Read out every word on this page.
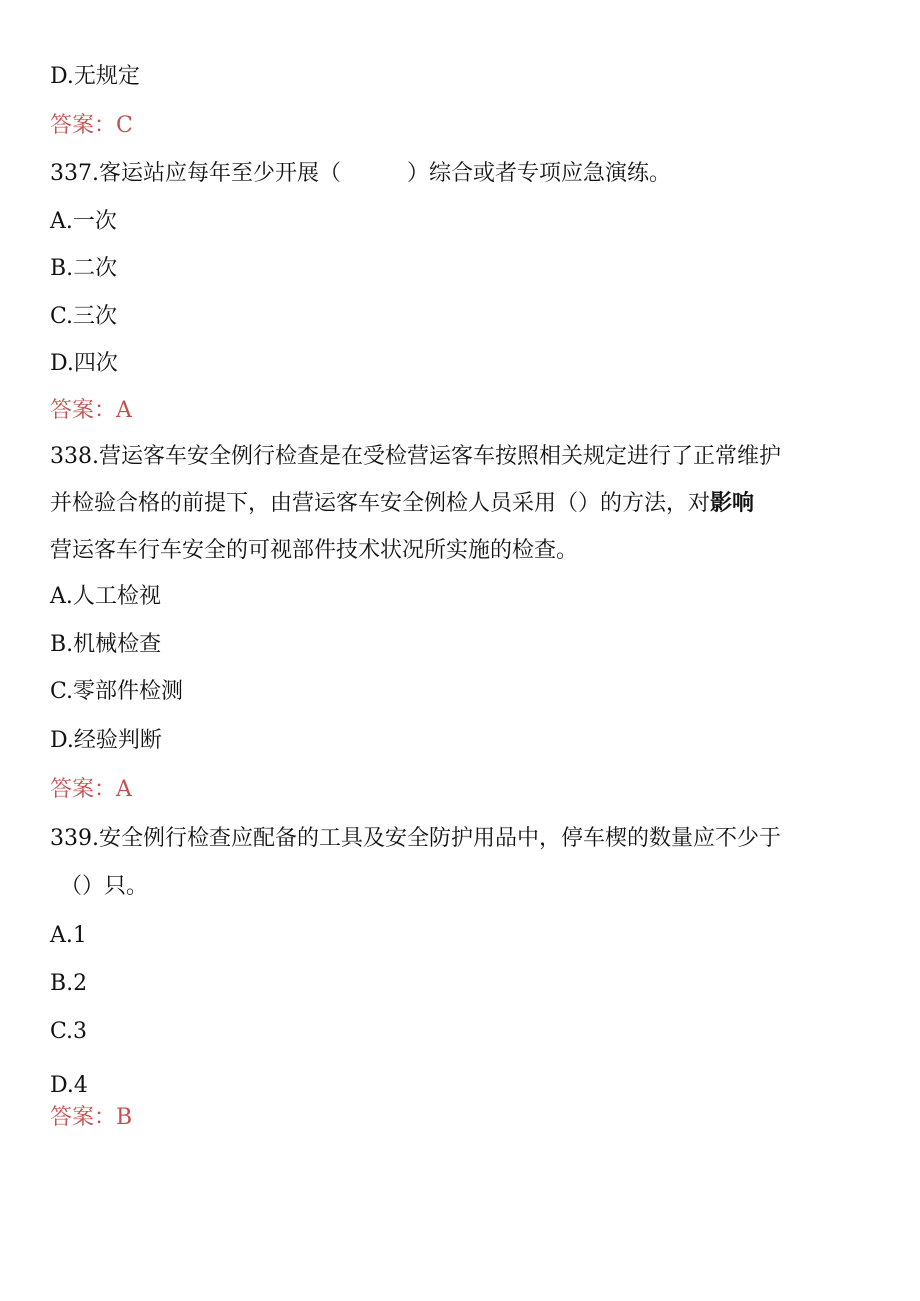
D.无规定

答案：C

337.客运站应每年至少开展（　　　）综合或者专项应急演练。

A.一次

B.二次

C.三次

D.四次

答案：A

338.营运客车安全例行检查是在受检营运客车按照相关规定进行了正常维护

并检验合格的前提下，由营运客车安全例检人员采用（）的方法，对影响

营运客车行车安全的可视部件技术状况所实施的检查。

A.人工检视

B.机械检查

C.零部件检测

D.经验判断

答案：A

339.安全例行检查应配备的工具及安全防护用品中，停车楔的数量应不少于

（）只。

A.1

B.2

C.3

D.4

答案：B
